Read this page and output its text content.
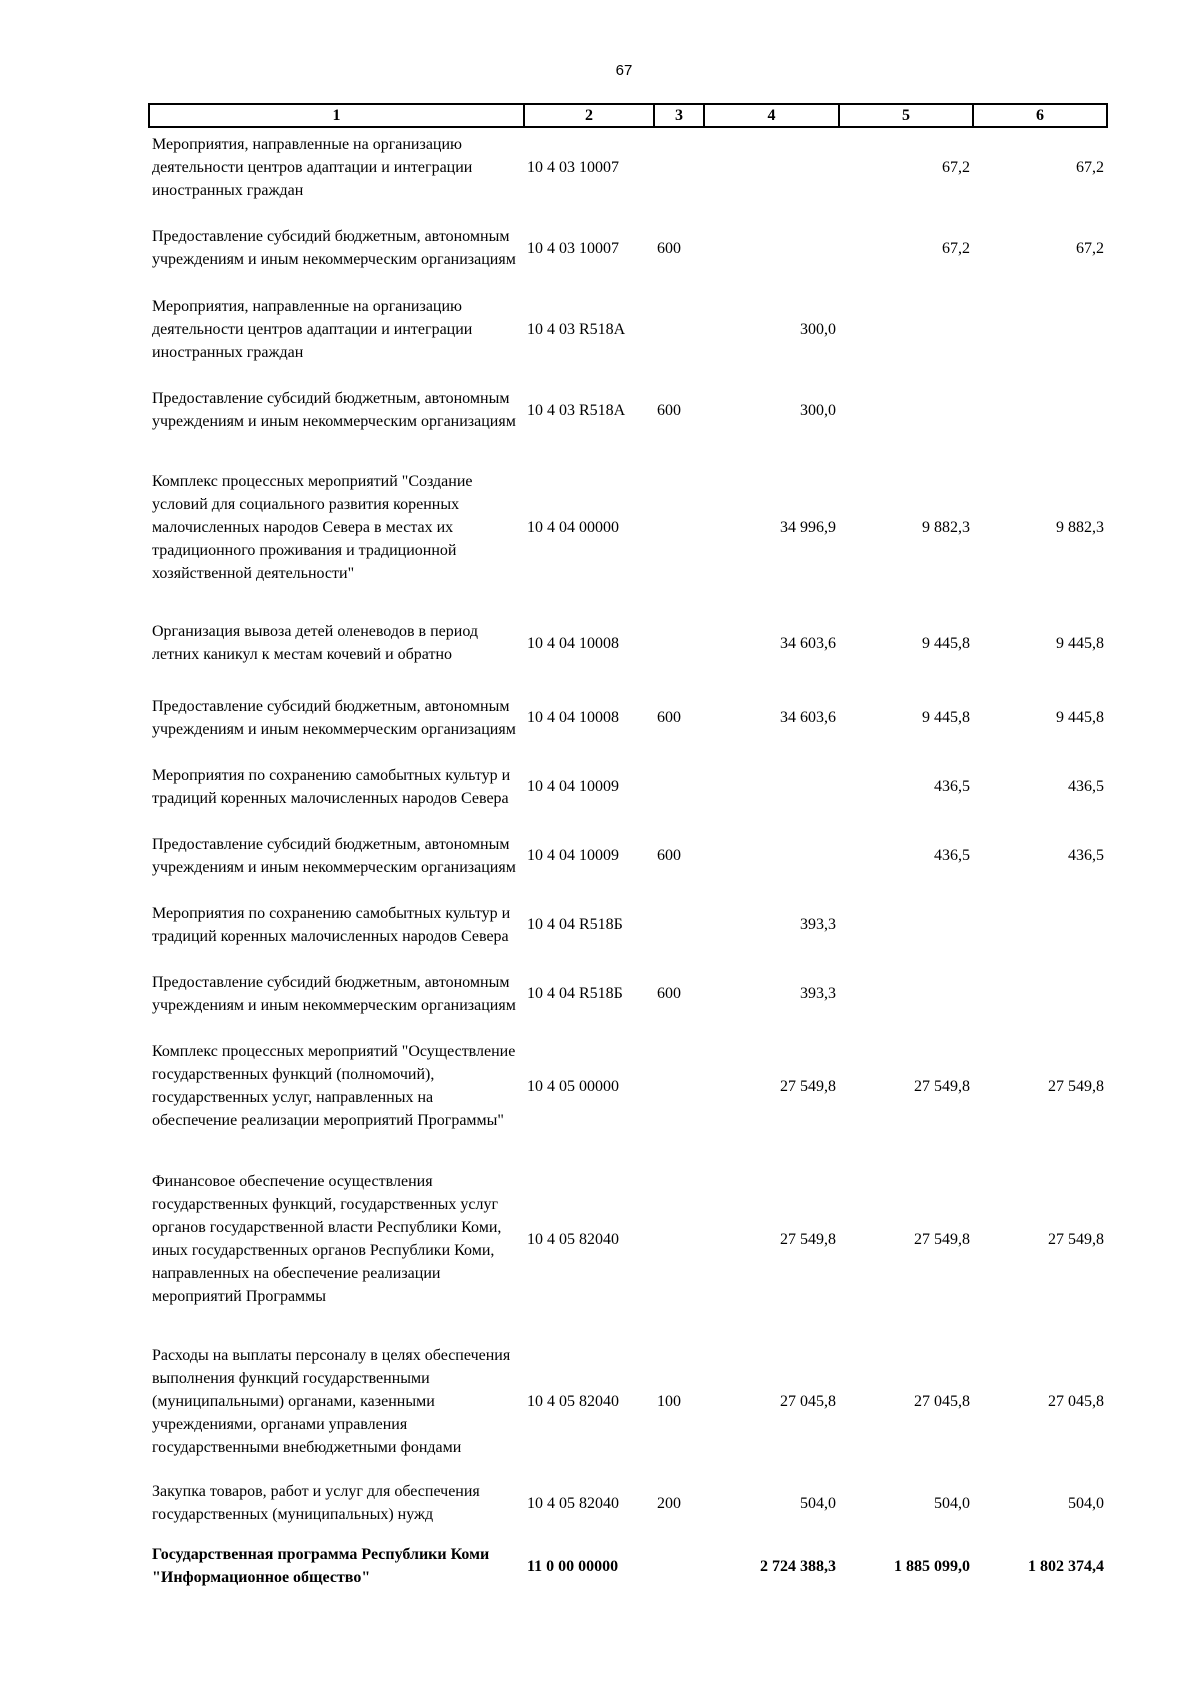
67
1	2	3	4	5	6
Мероприятия, направленные на организацию деятельности центров адаптации и интеграции иностранных граждан	10 4 03 10007			67,2	67,2
Предоставление субсидий бюджетным, автономным учреждениям и иным некоммерческим организациям	10 4 03 10007	600		67,2	67,2
Мероприятия, направленные на организацию деятельности центров адаптации и интеграции иностранных граждан	10 4 03 R518A		300,0		
Предоставление субсидий бюджетным, автономным учреждениям и иным некоммерческим организациям	10 4 03 R518A	600	300,0		
Комплекс процессных мероприятий "Создание условий для социального развития коренных малочисленных народов Севера в местах их традиционного проживания и традиционной хозяйственной деятельности"	10 4 04 00000		34 996,9	9 882,3	9 882,3
Организация вывоза детей оленеводов в период летних каникул к местам кочевий и обратно	10 4 04 10008		34 603,6	9 445,8	9 445,8
Предоставление субсидий бюджетным, автономным учреждениям и иным некоммерческим организациям	10 4 04 10008	600	34 603,6	9 445,8	9 445,8
Мероприятия по сохранению самобытных культур и традиций коренных малочисленных народов Севера	10 4 04 10009			436,5	436,5
Предоставление субсидий бюджетным, автономным учреждениям и иным некоммерческим организациям	10 4 04 10009	600		436,5	436,5
Мероприятия по сохранению самобытных культур и традиций коренных малочисленных народов Севера	10 4 04 R518Б		393,3		
Предоставление субсидий бюджетным, автономным учреждениям и иным некоммерческим организациям	10 4 04 R518Б	600	393,3		
Комплекс процессных мероприятий "Осуществление государственных функций (полномочий), государственных услуг, направленных на обеспечение реализации мероприятий Программы"	10 4 05 00000		27 549,8	27 549,8	27 549,8
Финансовое обеспечение осуществления государственных функций, государственных услуг органов государственной власти Республики Коми, иных государственных органов Республики Коми, направленных на обеспечение реализации мероприятий Программы	10 4 05 82040		27 549,8	27 549,8	27 549,8
Расходы на выплаты персоналу в целях обеспечения выполнения функций государственными (муниципальными) органами, казенными учреждениями, органами управления государственными внебюджетными фондами	10 4 05 82040	100	27 045,8	27 045,8	27 045,8
Закупка товаров, работ и услуг для обеспечения государственных (муниципальных) нужд	10 4 05 82040	200	504,0	504,0	504,0
Государственная программа Республики Коми "Информационное общество"	11 0 00 00000		2 724 388,3	1 885 099,0	1 802 374,4
